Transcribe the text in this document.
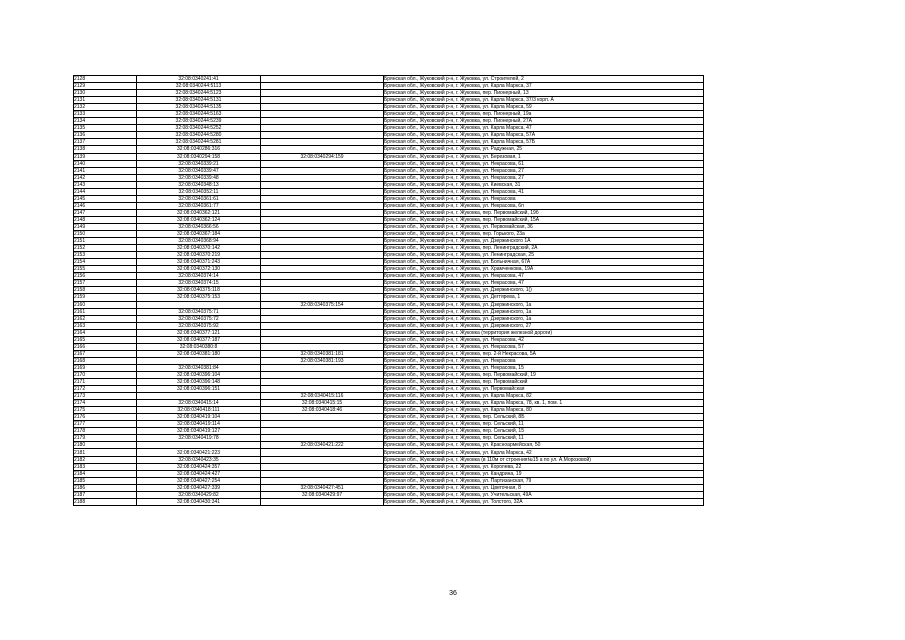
2128	32:08:0340241:41		Брянская обл., Жуковский р-н, г. Жуковка, ул. Строителей, 2
2129	32:08:0340244:5113		Брянская обл., Жуковский р-н, г. Жуковка, ул. Карла Маркса, 37
2130	32:08:0340244:5123		Брянская обл., Жуковский р-н, г. Жуковка, пер. Пионерный, 13
2131	32:08:0340244:5131		Брянская обл., Жуковский р-н, г. Жуковка, ул. Карла Маркса, 37/3 корп. А
2132	32:08:0340244:5135		Брянская обл., Жуковский р-н, г. Жуковка, ул. Карла Маркса, 59
2133	32:08:0340244:5163		Брянская обл., Жуковский р-н, г. Жуковка, пер. Пионерный, 19а
2134	32:08:0340244:5239		Брянская обл., Жуковский р-н, г. Жуковка, пер. Пионерный, 27А
2135	32:08:0340244:5252		Брянская обл., Жуковский р-н, г. Жуковка, ул. Карла Маркса, 47
2136	32:08:0340244:5280		Брянская обл., Жуковский р-н, г. Жуковка, ул. Карла Маркса, 57А
2137	32:08:0340244:5281		Брянская обл., Жуковский р-н, г. Жуковка, ул. Карла Маркса, 57Б
2138	32:08:0340286:316		Брянская обл., Жуковский р-н, г. Жуковка, ул. Радужная, 25
2139	32:08:0340294:158	32:08:0340294:159	Брянская обл., Жуковский р-н, г. Жуковка, ул. Березовая, 1
2140	32:08:0340339:21		Брянская обл., Жуковский р-н, г. Жуковка, ул. Некрасова, 61
2141	32:08:0340339:47		Брянская обл., Жуковский р-н, г. Жуковка, ул. Некрасова, 27
2142	32:08:0340339:48		Брянская обл., Жуковский р-н, г. Жуковка, ул. Некрасова, 27
2143	32:08:0340348:13		Брянская обл., Жуковский р-н, г. Жуковка, ул. Киевская, 31
2144	32:08:0340352:11		Брянская обл., Жуковский р-н, г. Жуковка, ул. Некрасова, 41
2145	32:08:0340361:61		Брянская обл., Жуковский р-н, г. Жуковка, ул. Некрасова
2146	32:08:0340361:77		Брянская обл., Жуковский р-н, г. Жуковка, ул. Некрасова, 6п
2147	32:08:0340362:121		Брянская обл., Жуковский р-н, г. Жуковка, пер. Первомайский, 19б
2148	32:08:0340362:124		Брянская обл., Жуковский р-н, г. Жуковка, пер. Первомайский, 15А
2149	32:08:0340366:56		Брянская обл., Жуковский р-н, г. Жуковка, ул. Первомайская, 36
2150	32:08:0340367:184		Брянская обл., Жуковский р-н, г. Жуковка, пер. Горького, 23а
2151	32:08:0340368:94		Брянская обл., Жуковский р-н, г. Жуковка, ул. Дзержинского 1А
2152	32:08:0340370:142		Брянская обл., Жуковский р-н, г. Жуковка, пер. Ленинградский, 2А
2153	32:08:0340370:219		Брянская обл., Жуковский р-н, г. Жуковка, ул. Ленинградская, 25
2154	32:08:0340371:243		Брянская обл., Жуковский р-н, г. Жуковка, ул. Больничная, 67А
2155	32:08:0340372:130		Брянская обл., Жуковский р-н, г. Жуковка, ул. Храмченкова, 19А
2156	32:08:0340374:14		Брянская обл., Жуковский р-н, г. Жуковка, ул. Некрасова, 47
2157	32:08:0340374:15		Брянская обл., Жуковский р-н, г. Жуковка, ул. Некрасова, 47
2158	32:08:0340375:118		Брянская обл., Жуковский р-н, г. Жуковка, ул. Дзержинского, 1()
2159	32:08:0340375:153		Брянская обл., Жуковский р-н, г. Жуковка, ул. Дегтярева, 1
2160		32:08:0340375:154	Брянская обл., Жуковский р-н, г. Жуковка, ул. Дзержинского, 1а
2161	32:08:0340375:71		Брянская обл., Жуковский р-н, г. Жуковка, ул. Дзержинского, 1а
2162	32:08:0340375:72		Брянская обл., Жуковский р-н, г. Жуковка, ул. Дзержинского, 1а
2163	32:08:0340375:92		Брянская обл., Жуковский р-н, г. Жуковка, ул. Дзержинского, 27
2164	32:08:0340377:121		Брянская обл., Жуковский р-н, г. Жуковка (территория железной дороги)
2165	32:08:0340377:187		Брянская обл., Жуковский р-н, г. Жуковка, ул. Некрасова, 42
2166	32:08:0340380:8		Брянская обл., Жуковский р-н, г. Жуковка, ул. Некрасова, 57
2167	32:08:0340381:180	32:08:0340381:181	Брянская обл., Жуковский р-н, г. Жуковка, пер. 2-й Некрасова, 5А
2168		32:08:0340381:193	Брянская обл., Жуковский р-н, г. Жуковка, ул. Некрасова
2169	32:08:0340381:84		Брянская обл., Жуковский р-н, г. Жуковка, ул. Некрасова, 15
2170	32:08:0340396:104		Брянская обл., Жуковский р-н, г. Жуковка, пер. Первомайский, 19
2171	32:08:0340396:148		Брянская обл., Жуковский р-н, г. Жуковка, пер. Первомайский
2172	32:08:0340396:151		Брянская обл., Жуковский р-н, г. Жуковка, ул. Первомайская
2173		32:08:0340415:116	Брянская обл., Жуковский р-н, г. Жуковка, ул. Карла Маркса, 82
2174	32:08:0340415:14	32:08:0340415:15	Брянская обл., Жуковский р-н, г. Жуковка, ул. Карла Маркса, 78, кв. 1, пом. 1
2175	32:08:0340418:111	32:08:0340418:46	Брянская обл., Жуковский р-н, г. Жуковка, ул. Карла Маркса, 80
2176	32:08:0340419:104		Брянская обл., Жуковский р-н, г. Жуковка, пер. Сельский, 8Б
2177	32:08:0340419:114		Брянская обл., Жуковский р-н, г. Жуковка, пер. Сельский, 11
2178	32:08:0340419:127		Брянская обл., Жуковский р-н, г. Жуковка, пер. Сельский, 15
2179	32:08:0340419:78		Брянская обл., Жуковский р-н, г. Жуковка, пер. Сельский, 11
2180		32:08:0340421:222	Брянская обл., Жуковский р-н, г. Жуковка, ул. Красноармейская, 50
2181	32:08:0340421:223		Брянская обл., Жуковский р-н, г. Жуковка, ул. Карла Маркса, 42
2182	32:08:0340423:35		Брянская обл., Жуковский р-н, г. Жуковка (в 110м от строения№15 а по ул. А.Морозовой)
2183	32:08:0340424:357		Брянская обл., Жуковский р-н, г. Жуковка, ул. Королева, 22
2184	32:08:0340424:427		Брянская обл., Жуковский р-н, г. Жуковка, ул. Кандрина, 19
2185	32:08:0340427:254		Брянская обл., Жуковский р-н, г. Жуковка, ул. Партизанская, 79
2186	32:08:0340427:339	32:08:0340427:451	Брянская обл., Жуковский р-н, г. Жуковка, ул. Цветочная, 8
2187	32:08:0340429:82	32:08:0340429:97	Брянская обл., Жуковский р-н, г. Жуковка, ул. Учительская, 49А
2188	32:08:0340430:341		Брянская обл., Жуковский р-н, г. Жуковка, ул. Толстого, 32А
36
